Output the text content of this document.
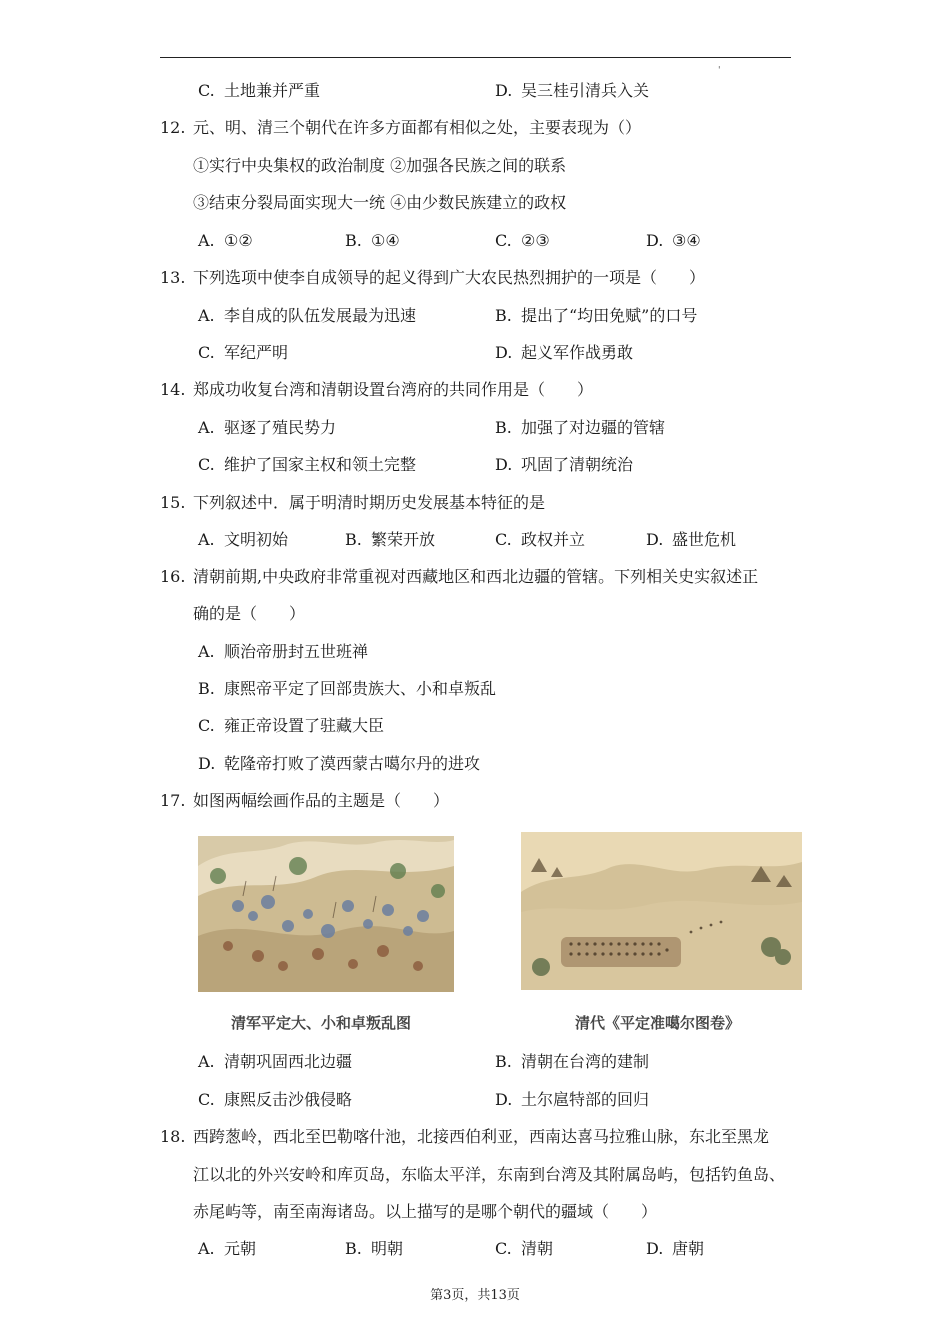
'
C. 土地兼并严重	D. 吴三桂引清兵入关
12. 元、明、清三个朝代在许多方面都有相似之处，主要表现为（）
①实行中央集权的政治制度 ②加强各民族之间的联系
③结束分裂局面实现大一统 ④由少数民族建立的政权
A. ①②	B. ①④	C. ②③	D. ③④
13. 下列选项中使李自成领导的起义得到广大农民热烈拥护的一项是（　　）
A. 李自成的队伍发展最为迅速	B. 提出了“均田免赋”的口号
C. 军纪严明	D. 起义军作战勇敢
14. 郑成功收复台湾和清朝设置台湾府的共同作用是（　　）
A. 驱逐了殖民势力	B. 加强了对边疆的管辖
C. 维护了国家主权和领土完整	D. 巩固了清朝统治
15. 下列叙述中．属于明清时期历史发展基本特征的是
A. 文明初始	B. 繁荣开放	C. 政权并立	D. 盛世危机
16. 清朝前期,中央政府非常重视对西藏地区和西北边疆的管辖。下列相关史实叙述正
确的是（　　）
A. 顺治帝册封五世班禅
B. 康熙帝平定了回部贵族大、小和卓叛乱
C. 雍正帝设置了驻藏大臣
D. 乾隆帝打败了漠西蒙古噶尔丹的进攻
17. 如图两幅绘画作品的主题是（　　）
清军平定大、小和卓叛乱图	清代《平定准噶尔图卷》
A. 清朝巩固西北边疆	B. 清朝在台湾的建制
C. 康熙反击沙俄侵略	D. 土尔扈特部的回归
18. 西跨葱岭，西北至巴勒喀什池，北接西伯利亚，西南达喜马拉雅山脉，东北至黑龙
江以北的外兴安岭和库页岛，东临太平洋，东南到台湾及其附属岛屿，包括钓鱼岛、
赤尾屿等，南至南海诸岛。以上描写的是哪个朝代的疆域（　　）
A. 元朝	B. 明朝	C. 清朝	D. 唐朝
第3页，共13页
